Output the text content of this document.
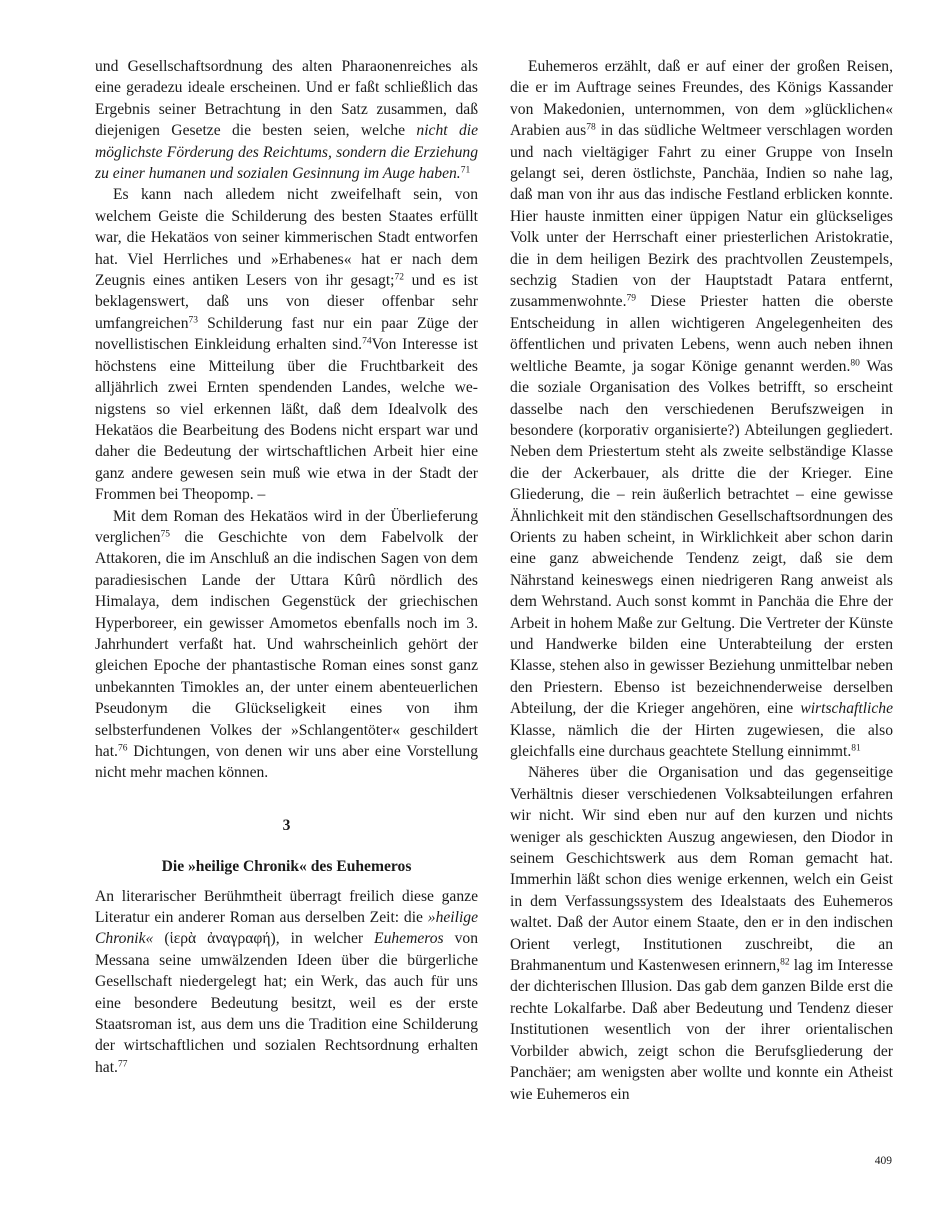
und Gesellschaftsordnung des alten Pharaonenreiches als eine geradezu ideale erscheinen. Und er faßt schließlich das Ergebnis seiner Betrachtung in den Satz zusammen, daß diejenigen Gesetze die besten seien, welche nicht die möglichste Förderung des Reichtums, sondern die Erziehung zu einer humanen und sozialen Gesinnung im Auge haben.$^{71}$

Es kann nach alledem nicht zweifelhaft sein, von welchem Geiste die Schilderung des besten Staates erfüllt war, die Hekatäos von seiner kimmerischen Stadt entworfen hat. Viel Herrliches und »Erhabenes« hat er nach dem Zeugnis eines antiken Lesers von ihr gesagt;$^{72}$ und es ist beklagenswert, daß uns von dieser offenbar sehr umfangreichen$^{73}$ Schilderung fast nur ein paar Züge der novellistischen Einkleidung erhalten sind.$^{74}$Von Interesse ist höchstens eine Mitteilung über die Fruchtbarkeit des alljährlich zwei Ernten spendenden Landes, welche wenigstens so viel erkennen läßt, daß dem Idealvolk des Hekatäos die Bearbeitung des Bodens nicht erspart war und daher die Bedeutung der wirtschaftlichen Arbeit hier eine ganz andere gewesen sein muß wie etwa in der Stadt der Frommen bei Theopomp. –

Mit dem Roman des Hekatäos wird in der Überlieferung verglichen$^{75}$ die Geschichte von dem Fabelvolk der Attakoren, die im Anschluß an die indischen Sagen von dem paradiesischen Lande der Uttara Kûrû nördlich des Himalaya, dem indischen Gegenstück der griechischen Hyperboreer, ein gewisser Amometos ebenfalls noch im 3. Jahrhundert verfaßt hat. Und wahrscheinlich gehört der gleichen Epoche der phantastische Roman eines sonst ganz unbekannten Timokles an, der unter einem abenteuerlichen Pseudonym die Glückseligkeit eines von ihm selbsterfundenen Volkes der »Schlangentöter« geschildert hat.$^{76}$ Dichtungen, von denen wir uns aber eine Vorstellung nicht mehr machen können.

3
Die »heilige Chronik« des Euhemeros

An literarischer Berühmtheit überragt freilich diese ganze Literatur ein anderer Roman aus derselben Zeit: die »heilige Chronik« (ἱερὰ ἀναγραφή), in welcher Euhemeros von Messana seine umwälzenden Ideen über die bürgerliche Gesellschaft niedergelegt hat; ein Werk, das auch für uns eine besondere Bedeutung besitzt, weil es der erste Staatsroman ist, aus dem uns die Tradition eine Schilderung der wirtschaftlichen und sozialen Rechtsordnung erhalten hat.$^{77}$

Euhemeros erzählt, daß er auf einer der großen Reisen, die er im Auftrage seines Freundes, des Königs Kassander von Makedonien, unternommen, von dem »glücklichen« Arabien aus$^{78}$ in das südliche Weltmeer verschlagen worden und nach vieltägiger Fahrt zu einer Gruppe von Inseln gelangt sei, deren östlichste, Panchäa, Indien so nahe lag, daß man von ihr aus das indische Festland erblicken konnte. Hier hauste inmitten einer üppigen Natur ein glückseliges Volk unter der Herrschaft einer priesterlichen Aristokratie, die in dem heiligen Bezirk des prachtvollen Zeustempels, sechzig Stadien von der Hauptstadt Patara entfernt, zusammenwohnte.$^{79}$ Diese Priester hatten die oberste Entscheidung in allen wichtigeren Angelegenheiten des öffentlichen und privaten Lebens, wenn auch neben ihnen weltliche Beamte, ja sogar Könige genannt werden.$^{80}$ Was die soziale Organisation des Volkes betrifft, so erscheint dasselbe nach den verschiedenen Berufszweigen in besondere (korporativ organisierte?) Abteilungen gegliedert. Neben dem Priestertum steht als zweite selbständige Klasse die der Ackerbauer, als dritte die der Krieger. Eine Gliederung, die – rein äußerlich betrachtet – eine gewisse Ähnlichkeit mit den ständischen Gesellschaftsordnungen des Orients zu haben scheint, in Wirklichkeit aber schon darin eine ganz abweichende Tendenz zeigt, daß sie dem Nährstand keineswegs einen niedrigeren Rang anweist als dem Wehrstand. Auch sonst kommt in Panchäa die Ehre der Arbeit in hohem Maße zur Geltung. Die Vertreter der Künste und Handwerke bilden eine Unterabteilung der ersten Klasse, stehen also in gewisser Beziehung unmittelbar neben den Priestern. Ebenso ist bezeichnenderweise derselben Abteilung, der die Krieger angehören, eine wirtschaftliche Klasse, nämlich die der Hirten zugewiesen, die also gleichfalls eine durchaus geachtete Stellung einnimmt.$^{81}$

Näheres über die Organisation und das gegenseitige Verhältnis dieser verschiedenen Volksabteilungen erfahren wir nicht. Wir sind eben nur auf den kurzen und nichts weniger als geschickten Auszug angewiesen, den Diodor in seinem Geschichtswerk aus dem Roman gemacht hat. Immerhin läßt schon dies wenige erkennen, welch ein Geist in dem Verfassungssystem des Idealstaats des Euhemeros waltet. Daß der Autor einem Staate, den er in den indischen Orient verlegt, Institutionen zuschreibt, die an Brahmanentum und Kastenwesen erinnern,$^{82}$ lag im Interesse der dichterischen Illusion. Das gab dem ganzen Bilde erst die rechte Lokalfarbe. Daß aber Bedeutung und Tendenz dieser Institutionen wesentlich von der ihrer orientalischen Vorbilder abwich, zeigt schon die Berufsgliederung der Panchäer; am wenigsten aber wollte und konnte ein Atheist wie Euhemeros ein

409
